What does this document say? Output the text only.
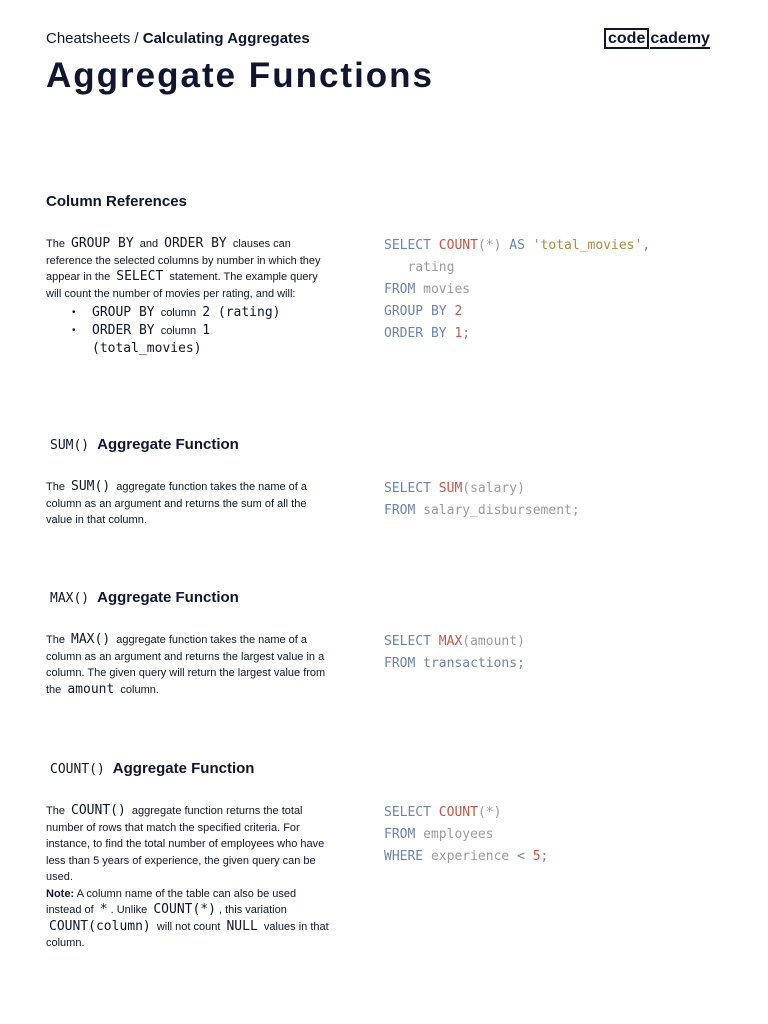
Cheatsheets / Calculating Aggregates	code cademy
Aggregate Functions
Column References
The GROUP BY and ORDER BY clauses can reference the selected columns by number in which they appear in the SELECT statement. The example query will count the number of movies per rating, and will:
• GROUP BY column 2 (rating)
• ORDER BY column 1
(total_movies)
SELECT COUNT(*) AS 'total_movies',
rating
FROM movies
GROUP BY 2
ORDER BY 1;
SUM() Aggregate Function
The SUM() aggregate function takes the name of a column as an argument and returns the sum of all the value in that column.
SELECT SUM(salary)
FROM salary_disbursement;
MAX() Aggregate Function
The MAX() aggregate function takes the name of a column as an argument and returns the largest value in a column. The given query will return the largest value from the amount column.
SELECT MAX(amount)
FROM transactions;
COUNT() Aggregate Function
The COUNT() aggregate function returns the total number of rows that match the specified criteria. For instance, to find the total number of employees who have less than 5 years of experience, the given query can be used.
Note: A column name of the table can also be used instead of * . Unlike COUNT(*) , this variation COUNT(column) will not count NULL values in that column.
SELECT COUNT(*)
FROM employees
WHERE experience < 5;
